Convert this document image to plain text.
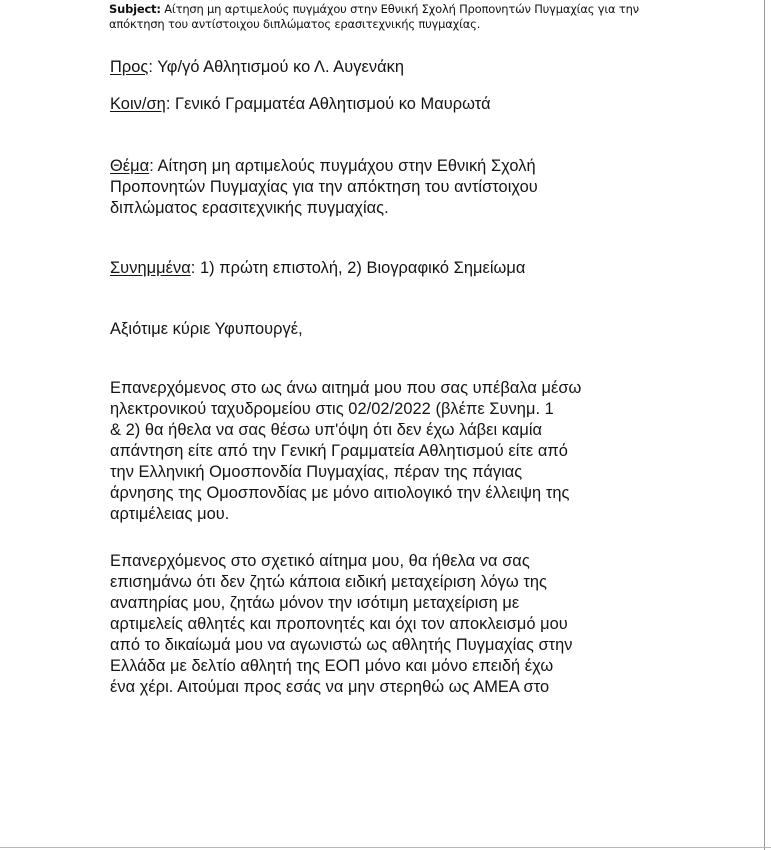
Subject: Αίτηση μη αρτιμελούς πυγμάχου στην Εθνική Σχολή Προπονητών Πυγμαχίας για την
απόκτηση του αντίστοιχου διπλώματος ερασιτεχνικής πυγμαχίας.
Προς: Υφ/γό Αθλητισμού κο Λ. Αυγενάκη
Κοιν/ση: Γενικό Γραμματέα Αθλητισμού κο Μαυρωτά
Θέμα: Αίτηση μη αρτιμελούς πυγμάχου στην Εθνική Σχολή
Προπονητών Πυγμαχίας για την απόκτηση του αντίστοιχου
διπλώματος ερασιτεχνικής πυγμαχίας.
Συνημμένα: 1) πρώτη επιστολή, 2) Βιογραφικό Σημείωμα
Αξιότιμε κύριε Υφυπουργέ,
Επανερχόμενος στο ως άνω αιτημά μου που σας υπέβαλα μέσω
ηλεκτρονικού ταχυδρομείου στις 02/02/2022 (βλέπε Συνημ. 1
& 2) θα ήθελα να σας θέσω υπ'όψη ότι δεν έχω λάβει καμία
απάντηση είτε από την Γενική Γραμματεία Αθλητισμού είτε από
την Ελληνική Ομοσπονδία Πυγμαχίας, πέραν της πάγιας
άρνησης της Ομοσπονδίας με μόνο αιτιολογικό την έλλειψη της
αρτιμέλειας μου.
Επανερχόμενος στο σχετικό αίτημα μου, θα ήθελα να σας
επισημάνω ότι δεν ζητώ κάποια ειδική μεταχείριση λόγω της
αναπηρίας μου, ζητάω μόνον την ισότιμη μεταχείριση με
αρτιμελείς αθλητές και προπονητές και όχι τον αποκλεισμό μου
από το δικαίωμά μου να αγωνιστώ ως αθλητής Πυγμαχίας στην
Ελλάδα με δελτίο αθλητή της ΕΟΠ μόνο και μόνο επειδή έχω
ένα χέρι. Αιτούμαι προς εσάς να μην στερηθώ ως ΑΜΕΑ στο
